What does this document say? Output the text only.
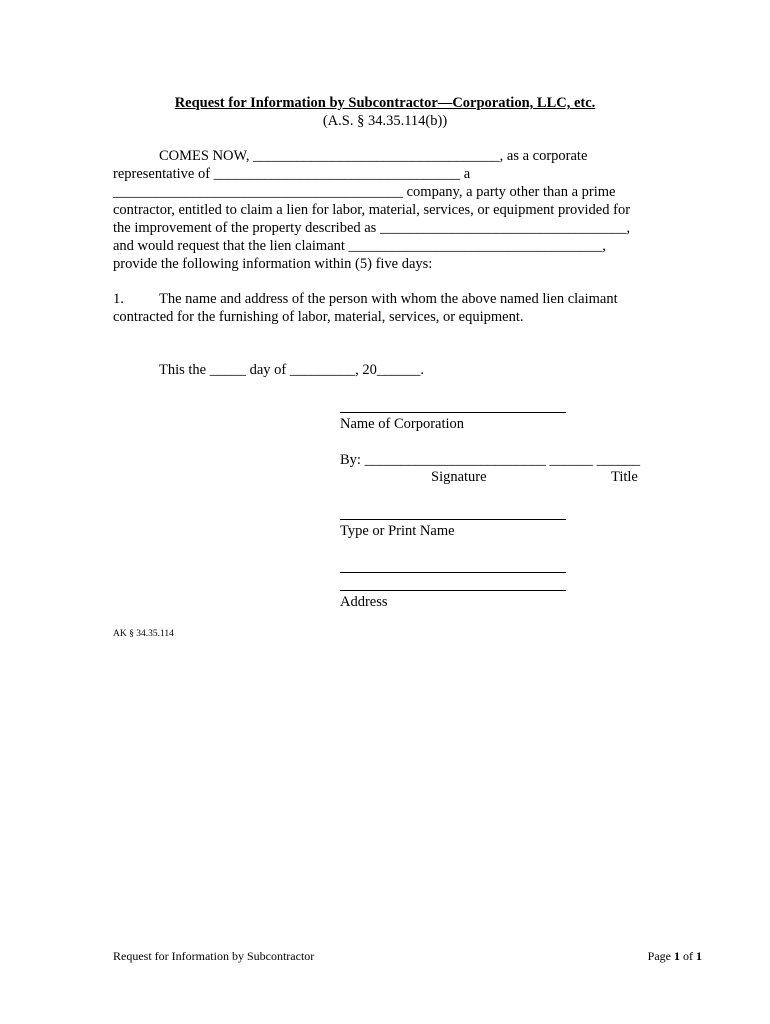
Request for Information by Subcontractor—Corporation, LLC, etc.
(A.S. § 34.35.114(b))
COMES NOW, __________________________________, as a corporate
representative of __________________________________ a
________________________________________ company, a party other than a prime
contractor, entitled to claim a lien for labor, material, services, or equipment provided for
the improvement of the property described as __________________________________,
and would request that the lien claimant ___________________________________,
provide the following information within (5) five days:
1. The name and address of the person with whom the above named lien claimant
contracted for the furnishing of labor, material, services, or equipment.
This the _____ day of _________, 20______.
Name of Corporation
By: _________________________ ______ ______
Signature	Title
Type or Print Name
Address
AK § 34.35.114
Request for Information by Subcontractor	Page 1 of 1
